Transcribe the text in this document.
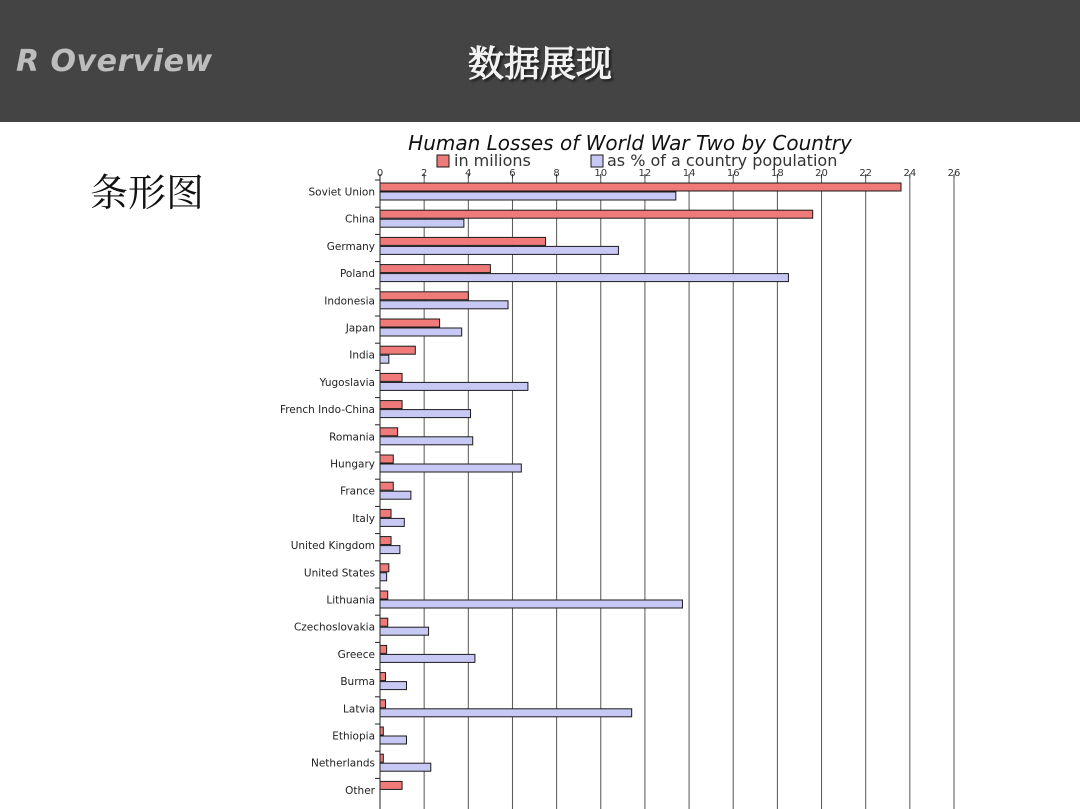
R Overview	数据展现
条形图
Human Losses of World War Two by Country
in milions	as % of a country population
0	2	4	6	8	10	12	14	16	18	20	22	24	26
Soviet Union
China
Germany
Poland
Indonesia
Japan
India
Yugoslavia
French Indo-China
Romania
Hungary
France
Italy
United Kingdom
United States
Lithuania
Czechoslovakia
Greece
Burma
Latvia
Ethiopia
Netherlands
Other
